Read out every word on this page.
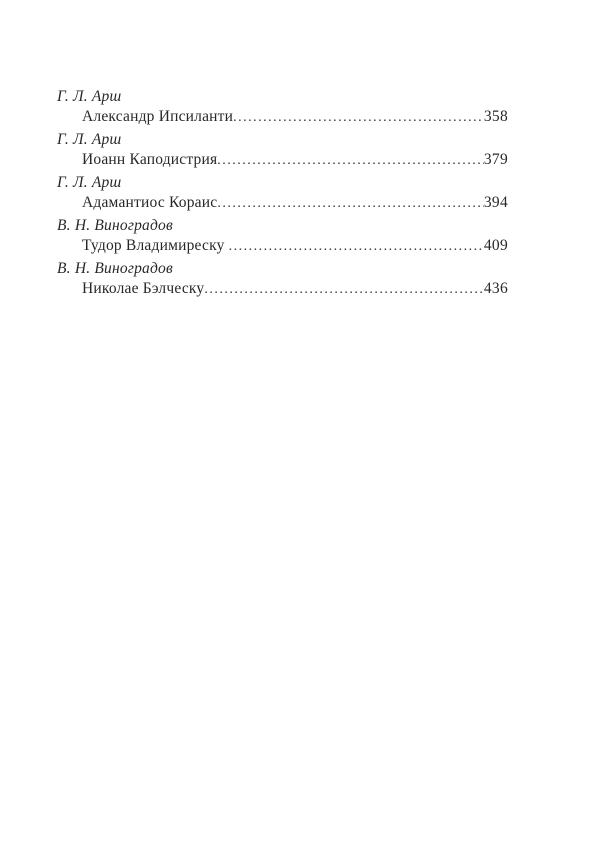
Г. Л. Арш
Александр Ипсиланти .....	358
Г. Л. Арш
Иоанн Каподистрия .....	379
Г. Л. Арш
Адамантиос Кораис .....	394
В. Н. Виноградов
Тудор Владимиреску .....	409
В. Н. Виноградов
Николае Бэлческу .....	436
